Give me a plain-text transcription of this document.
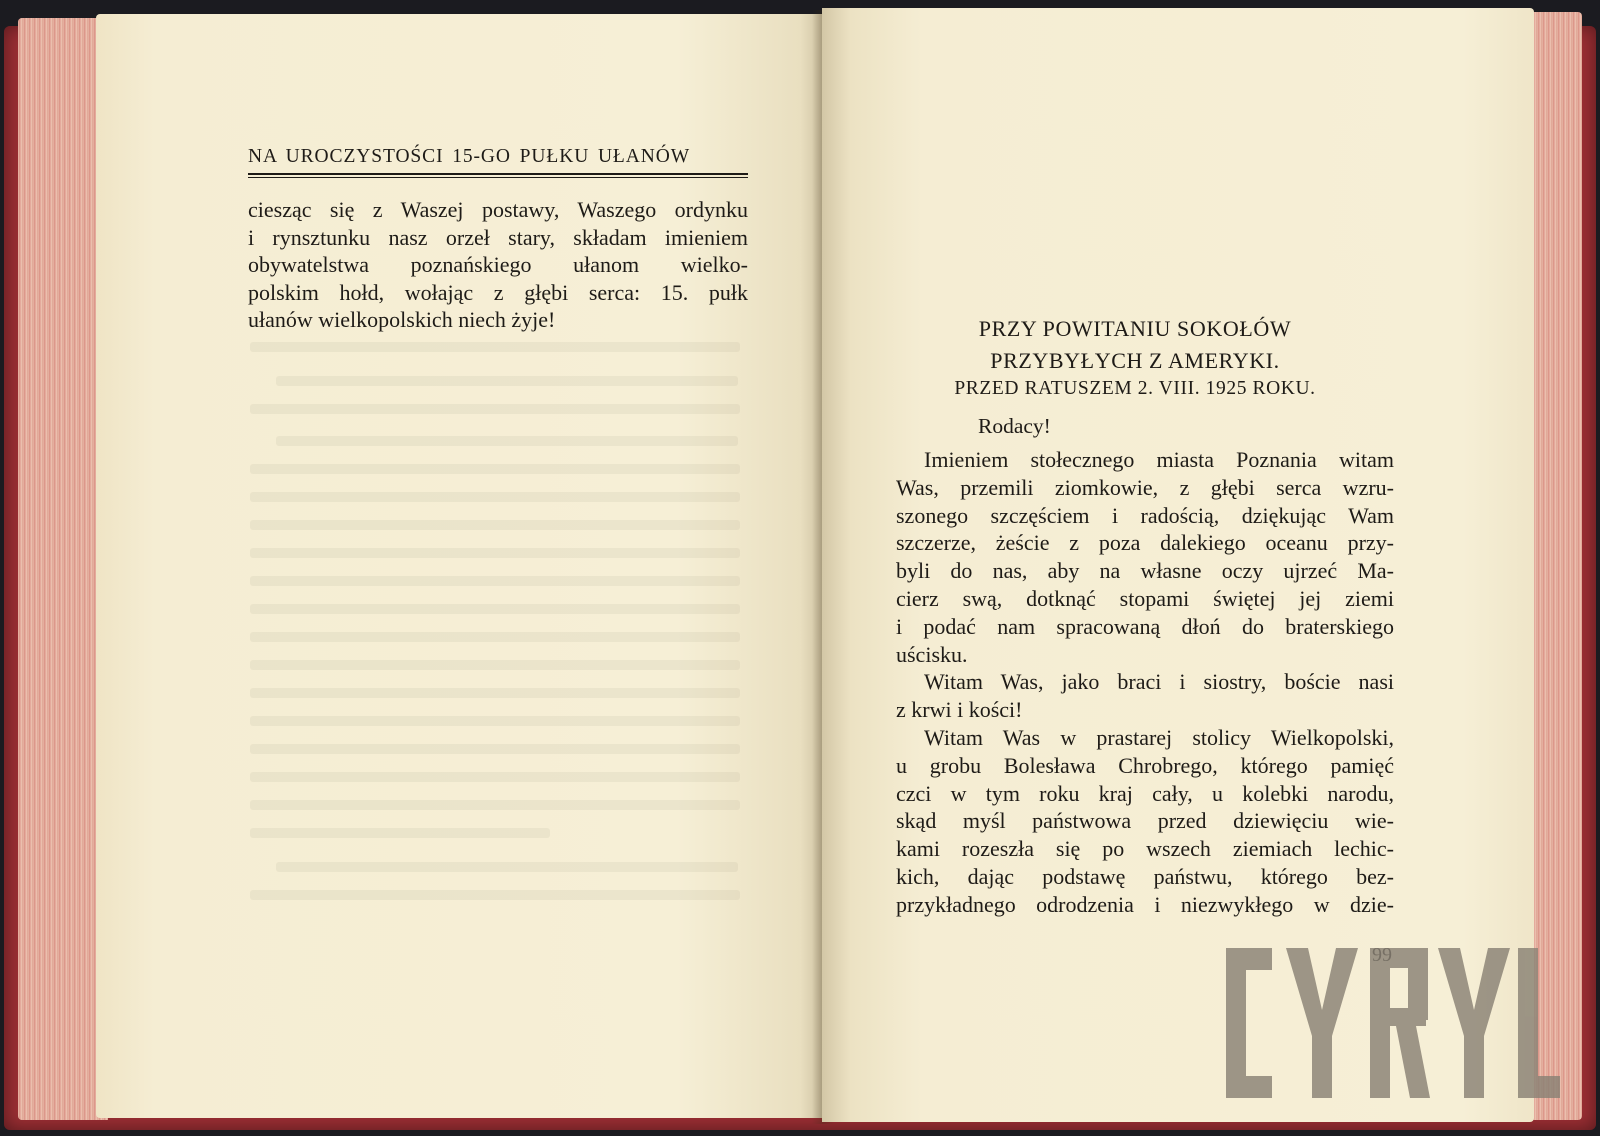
NA UROCZYSTOŚCI 15-GO PUŁKU UŁANÓW
ciesząc się z Waszej postawy, Waszego ordynku
i rynsztunku nasz orzeł stary, składam imieniem
obywatelstwa poznańskiego ułanom wielko-
polskim hołd, wołając z głębi serca: 15. pułk
ułanów wielkopolskich niech żyje!	PRZY POWITANIU SOKOŁÓW
PRZYBYŁYCH Z AMERYKI.
PRZED RATUSZEM 2. VIII. 1925 ROKU.
Rodacy!
Imieniem stołecznego miasta Poznania witam
Was, przemili ziomkowie, z głębi serca wzru-
szonego szczęściem i radością, dziękując Wam
szczerze, żeście z poza dalekiego oceanu przy-
byli do nas, aby na własne oczy ujrzeć Ma-
cierz swą, dotknąć stopami świętej jej ziemi
i podać nam spracowaną dłoń do braterskiego
uścisku.
Witam Was, jako braci i siostry, boście nasi
z krwi i kości!
Witam Was w prastarej stolicy Wielkopolski,
u grobu Bolesława Chrobrego, którego pamięć
czci w tym roku kraj cały, u kolebki narodu,
skąd myśl państwowa przed dziewięciu wie-
kami rozeszła się po wszech ziemiach lechic-
kich, dając podstawę państwu, którego bez-
przykładnego odrodzenia i niezwykłego w dzie-
